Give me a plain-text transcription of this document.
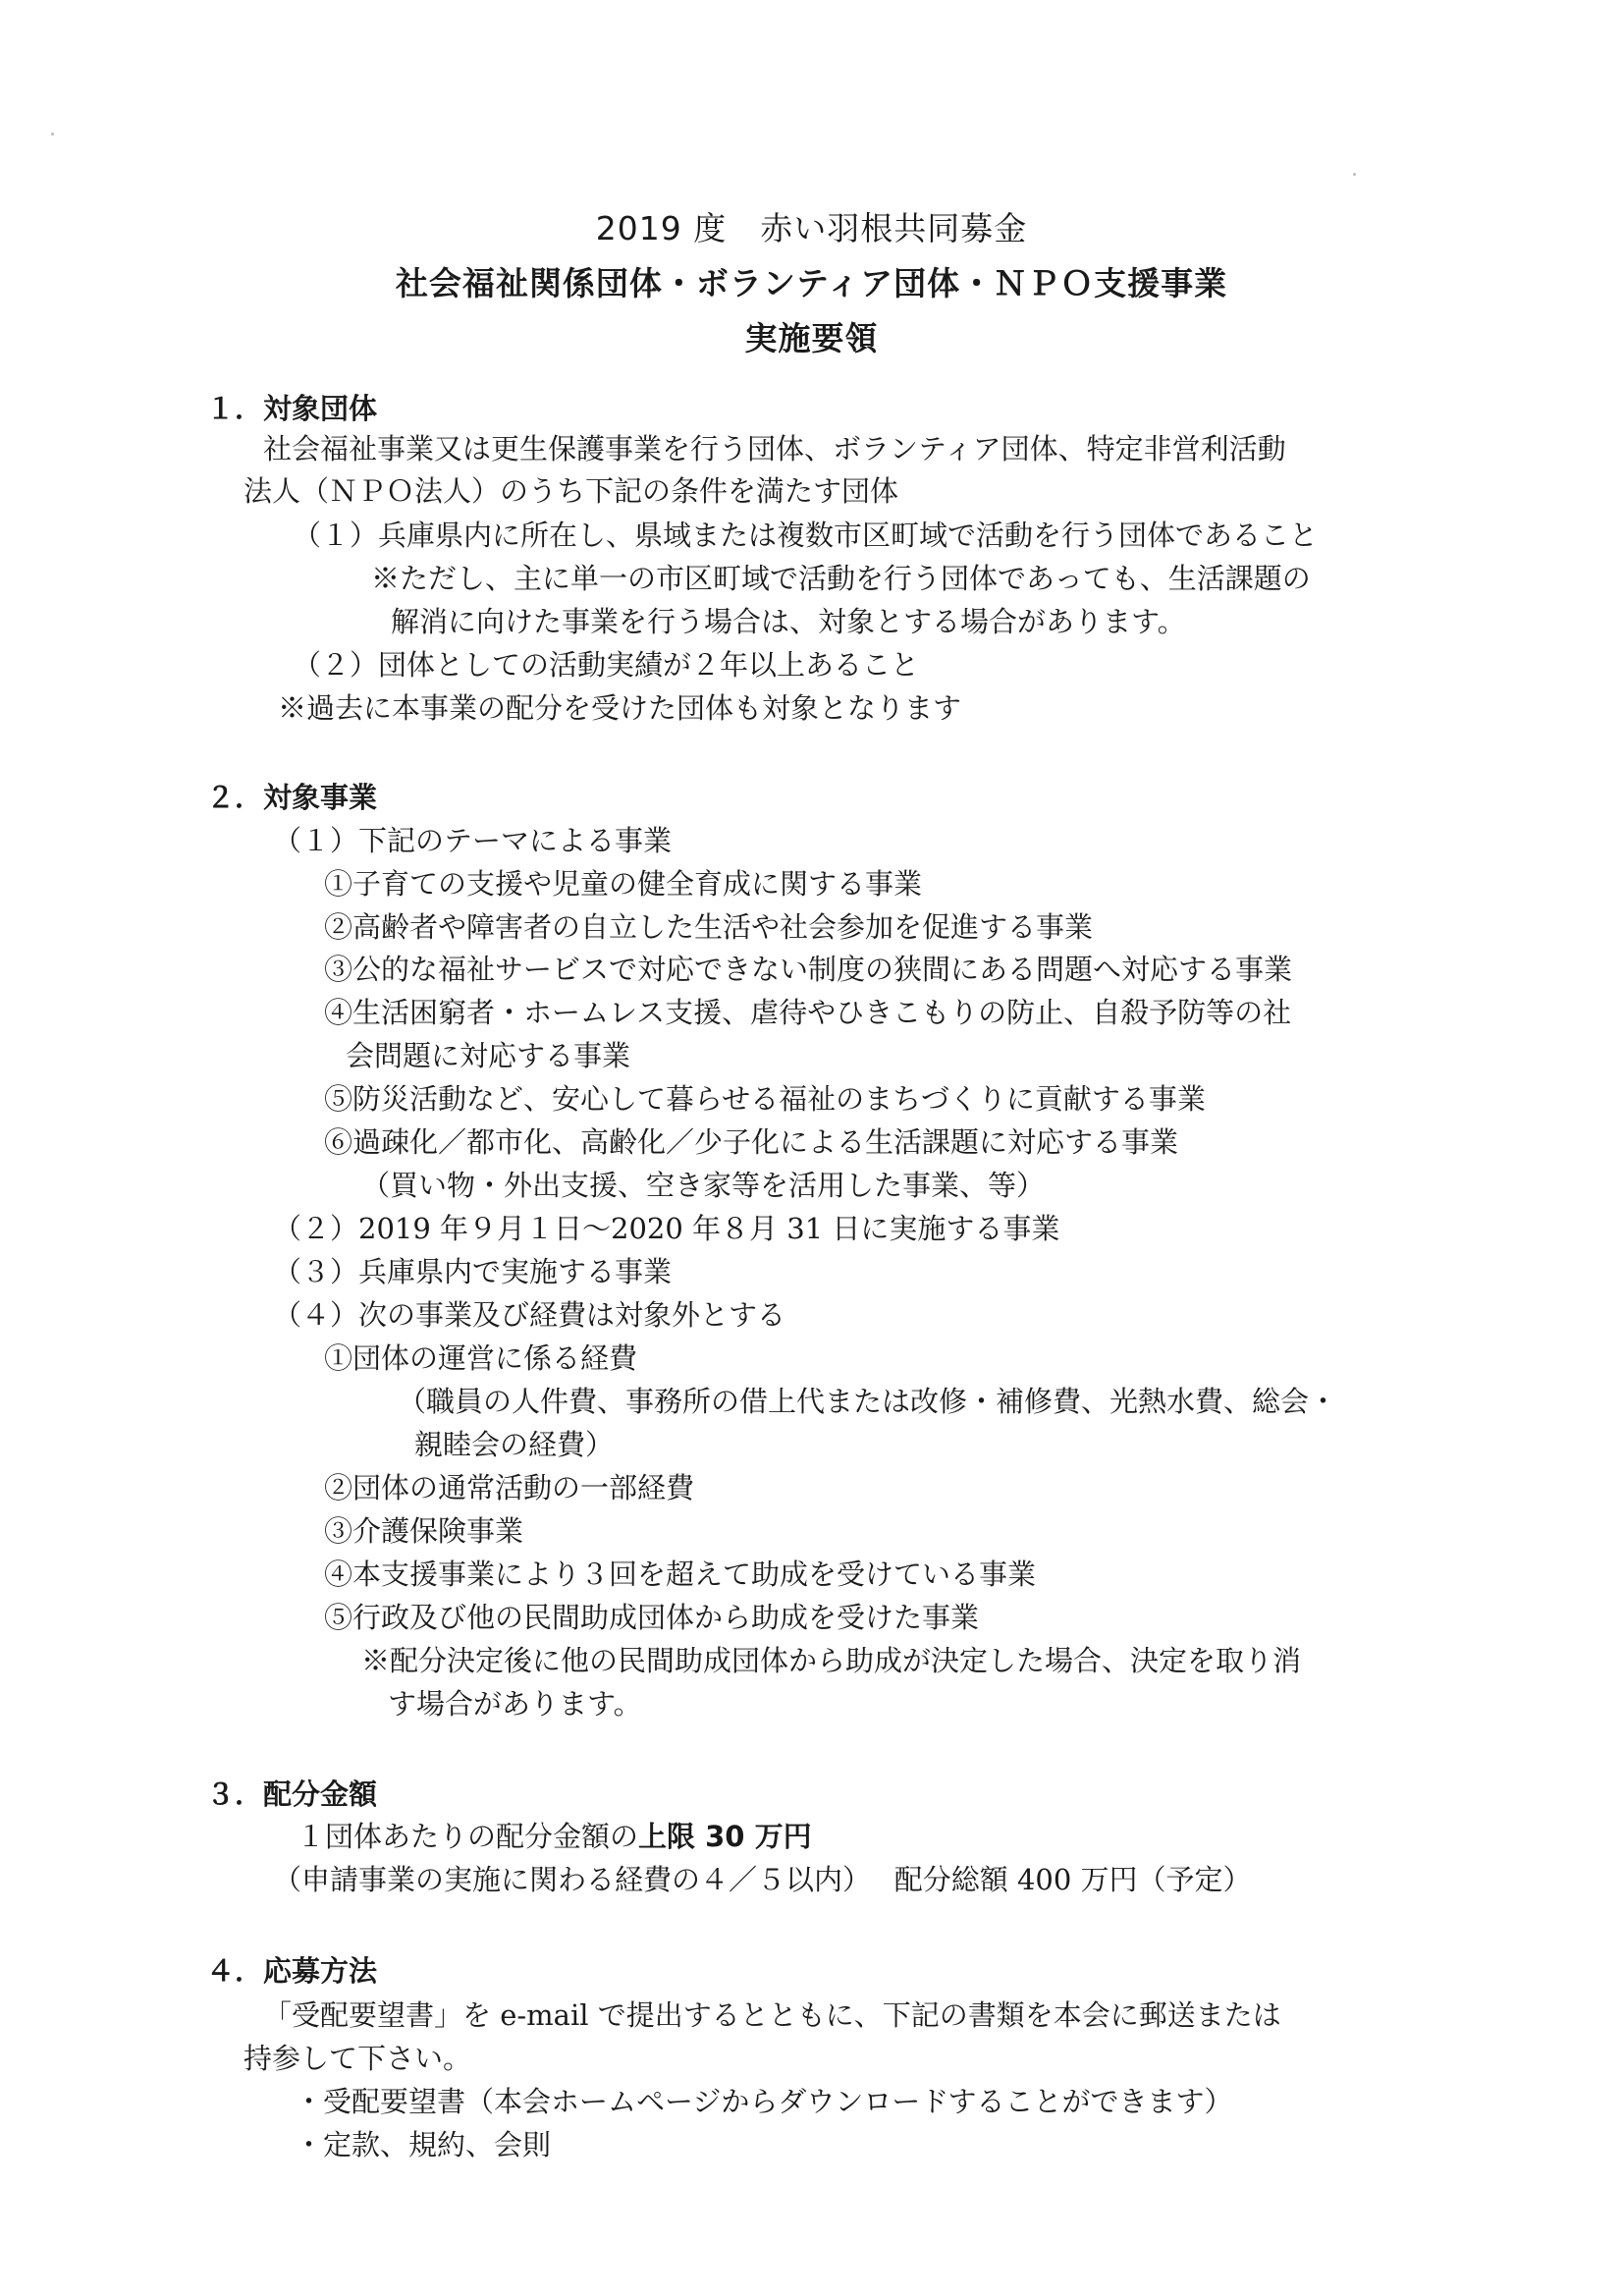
2019 度　赤い羽根共同募金
社会福祉関係団体・ボランティア団体・ＮＰＯ支援事業
実施要領
１．対象団体
社会福祉事業又は更生保護事業を行う団体、ボランティア団体、特定非営利活動
法人（ＮＰＯ法人）のうち下記の条件を満たす団体
（１）兵庫県内に所在し、県域または複数市区町域で活動を行う団体であること
※ただし、主に単一の市区町域で活動を行う団体であっても、生活課題の
解消に向けた事業を行う場合は、対象とする場合があります。
（２）団体としての活動実績が２年以上あること
※過去に本事業の配分を受けた団体も対象となります
２．対象事業
（１）下記のテーマによる事業
①子育ての支援や児童の健全育成に関する事業
②高齢者や障害者の自立した生活や社会参加を促進する事業
③公的な福祉サービスで対応できない制度の狭間にある問題へ対応する事業
④生活困窮者・ホームレス支援、虐待やひきこもりの防止、自殺予防等の社
会問題に対応する事業
⑤防災活動など、安心して暮らせる福祉のまちづくりに貢献する事業
⑥過疎化／都市化、高齢化／少子化による生活課題に対応する事業
（買い物・外出支援、空き家等を活用した事業、等）
（２）2019 年９月１日～2020 年８月 31 日に実施する事業
（３）兵庫県内で実施する事業
（４）次の事業及び経費は対象外とする
①団体の運営に係る経費
（職員の人件費、事務所の借上代または改修・補修費、光熱水費、総会・
親睦会の経費）
②団体の通常活動の一部経費
③介護保険事業
④本支援事業により３回を超えて助成を受けている事業
⑤行政及び他の民間助成団体から助成を受けた事業
※配分決定後に他の民間助成団体から助成が決定した場合、決定を取り消
す場合があります。
３．配分金額
１団体あたりの配分金額の上限 30 万円
（申請事業の実施に関わる経費の４／５以内）　 配分総額 400 万円（予定）
４．応募方法
「受配要望書」を e-mail で提出するとともに、下記の書類を本会に郵送または
持参して下さい。
・受配要望書（本会ホームページからダウンロードすることができます）
・定款、規約、会則
